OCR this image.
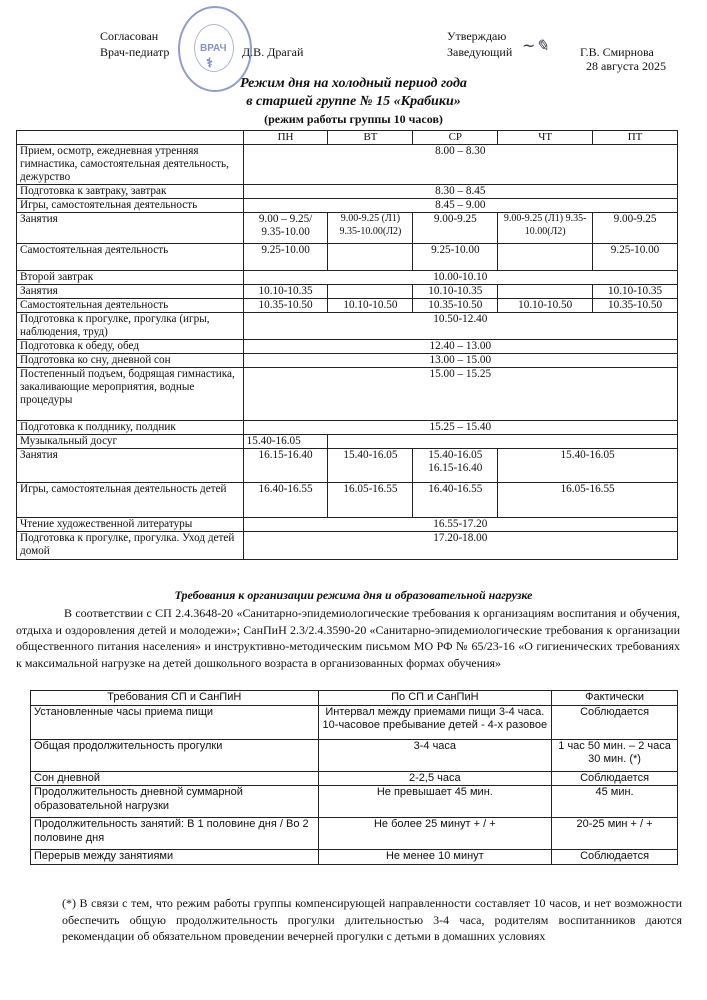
Согласован
Врач-педиатр	Д.В. Драгай
ВРАЧ
⚕
Утверждаю
Заведующий ~✎	Г.В. Смирнова
28 августа 2025
Режим дня на холодный период года
в старшей группе № 15 «Крабики»
(режим работы группы 10 часов)
	ПН	ВТ	СР	ЧТ	ПТ
Прием, осмотр, ежедневная утренняя гимнастика, самостоятельная деятельность, дежурство	8.00 – 8.30				
Подготовка к завтраку, завтрак	8.30 – 8.45				
Игры, самостоятельная деятельность	8.45 – 9.00				
Занятия	9.00 – 9.25/ 9.35-10.00	9.00-9.25 (Л1) 9.35-10.00(Л2)	9.00-9.25	9.00-9.25 (Л1) 9.35-10.00(Л2)	9.00-9.25
Самостоятельная деятельность	9.25-10.00		9.25-10.00		9.25-10.00
Второй завтрак	10.00-10.10				
Занятия	10.10-10.35		10.10-10.35		10.10-10.35
Самостоятельная деятельность	10.35-10.50	10.10-10.50	10.35-10.50	10.10-10.50	10.35-10.50
Подготовка к прогулке, прогулка (игры, наблюдения, труд)	10.50-12.40				
Подготовка к обеду, обед	12.40 – 13.00				
Подготовка ко сну, дневной сон	13.00 – 15.00				
Постепенный подъем, бодрящая гимнастика, закаливающие мероприятия, водные процедуры	15.00 – 15.25				
Подготовка к полднику, полдник	15.25 – 15.40				
Музыкальный досуг	15.40-16.05				
Занятия	16.15-16.40	15.40-16.05	15.40-16.05 16.15-16.40	15.40-16.05	
Игры, самостоятельная деятельность детей	16.40-16.55	16.05-16.55	16.40-16.55	16.05-16.55	
Чтение художественной литературы	16.55-17.20				
Подготовка к прогулке, прогулка. Уход детей домой	17.20-18.00				
Требования к организации режима дня и образовательной нагрузке
В соответствии с СП 2.4.3648-20 «Санитарно-эпидемиологические требования к организациям воспитания и обучения, отдыха и оздоровления детей и молодежи»; СанПиН 2.3/2.4.3590-20 «Санитарно-эпидемиологические требования к организации общественного питания населения» и инструктивно-методическим письмом МО РФ № 65/23-16 «О гигиенических требованиях к максимальной нагрузке на детей дошкольного возраста в организованных формах обучения»
Требования СП и СанПиН	По СП и СанПиН	Фактически
Установленные часы приема пищи	Интервал между приемами пищи 3-4 часа. 10-часовое пребывание детей - 4-х разовое	Соблюдается
Общая продолжительность прогулки	3-4 часа	1 час 50 мин. – 2 часа 30 мин. (*)
Сон дневной	2-2,5 часа	Соблюдается
Продолжительность дневной суммарной образовательной нагрузки	Не превышает 45 мин.	45 мин.
Продолжительность занятий: В 1 половине дня / Во 2 половине дня	Не более 25 минут + / +	20-25 мин + / +
Перерыв между занятиями	Не менее 10 минут	Соблюдается
(*) В связи с тем, что режим работы группы компенсирующей направленности составляет 10 часов, и нет возможности обеспечить общую продолжительность прогулки длительностью 3-4 часа, родителям воспитанников даются рекомендации об обязательном проведении вечерней прогулки с детьми в домашних условиях
